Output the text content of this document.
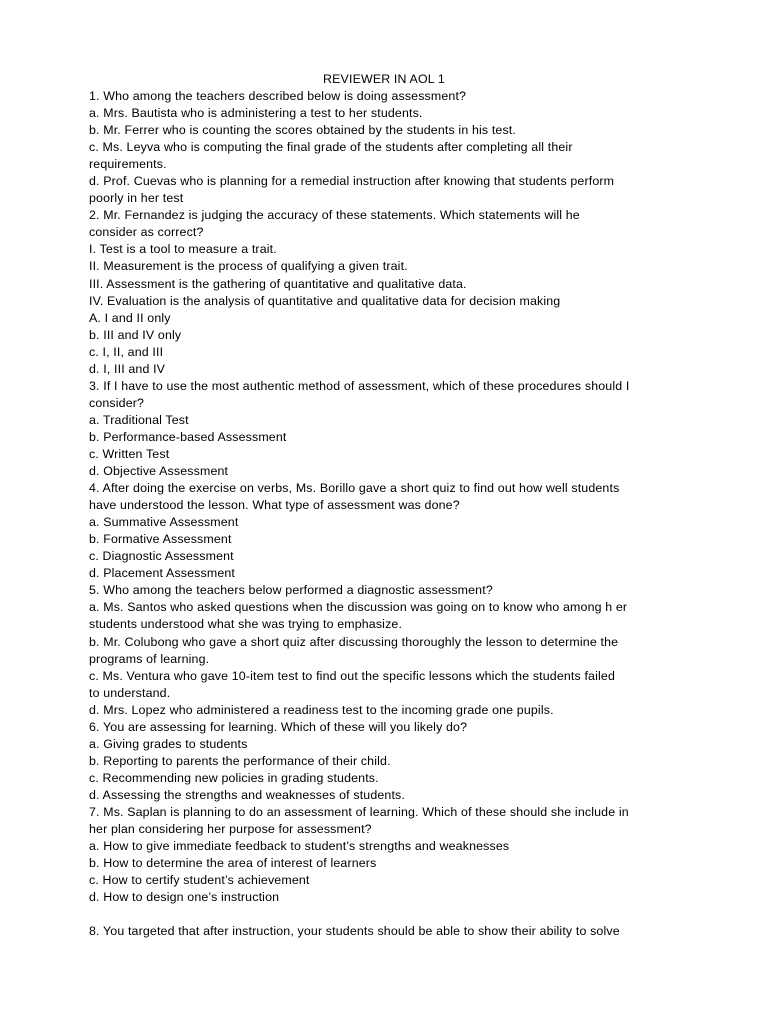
REVIEWER IN AOL 1
1. Who among the teachers described below is doing assessment?
a. Mrs. Bautista who is administering a test to her students.
b. Mr. Ferrer who is counting the scores obtained by the students in his test.
c. Ms. Leyva who is computing the final grade of the students after completing all their
requirements.
d. Prof. Cuevas who is planning for a remedial instruction after knowing that students perform
poorly in her test
2. Mr. Fernandez is judging the accuracy of these statements. Which statements will he
consider as correct?
I. Test is a tool to measure a trait.
II. Measurement is the process of qualifying a given trait.
III. Assessment is the gathering of quantitative and qualitative data.
IV. Evaluation is the analysis of quantitative and qualitative data for decision making
A. I and II only
b. III and IV only
c. I, II, and III
d. I, III and IV
3. If I have to use the most authentic method of assessment, which of these procedures should I
consider?
a. Traditional Test
b. Performance-based Assessment
c. Written Test
d. Objective Assessment
4. After doing the exercise on verbs, Ms. Borillo gave a short quiz to find out how well students
have understood the lesson. What type of assessment was done?
a. Summative Assessment
b. Formative Assessment
c. Diagnostic Assessment
d. Placement Assessment
5. Who among the teachers below performed a diagnostic assessment?
a. Ms. Santos who asked questions when the discussion was going on to know who among h er
students understood what she was trying to emphasize.
b. Mr. Colubong who gave a short quiz after discussing thoroughly the lesson to determine the
programs of learning.
c. Ms. Ventura who gave 10-item test to find out the specific lessons which the students failed
to understand.
d. Mrs. Lopez who administered a readiness test to the incoming grade one pupils.
6. You are assessing for learning. Which of these will you likely do?
a. Giving grades to students
b. Reporting to parents the performance of their child.
c. Recommending new policies in grading students.
d. Assessing the strengths and weaknesses of students.
7. Ms. Saplan is planning to do an assessment of learning. Which of these should she include in
her plan considering her purpose for assessment?
a. How to give immediate feedback to student’s strengths and weaknesses
b. How to determine the area of interest of learners
c. How to certify student’s achievement
d. How to design one’s instruction
8. You targeted that after instruction, your students should be able to show their ability to solve
